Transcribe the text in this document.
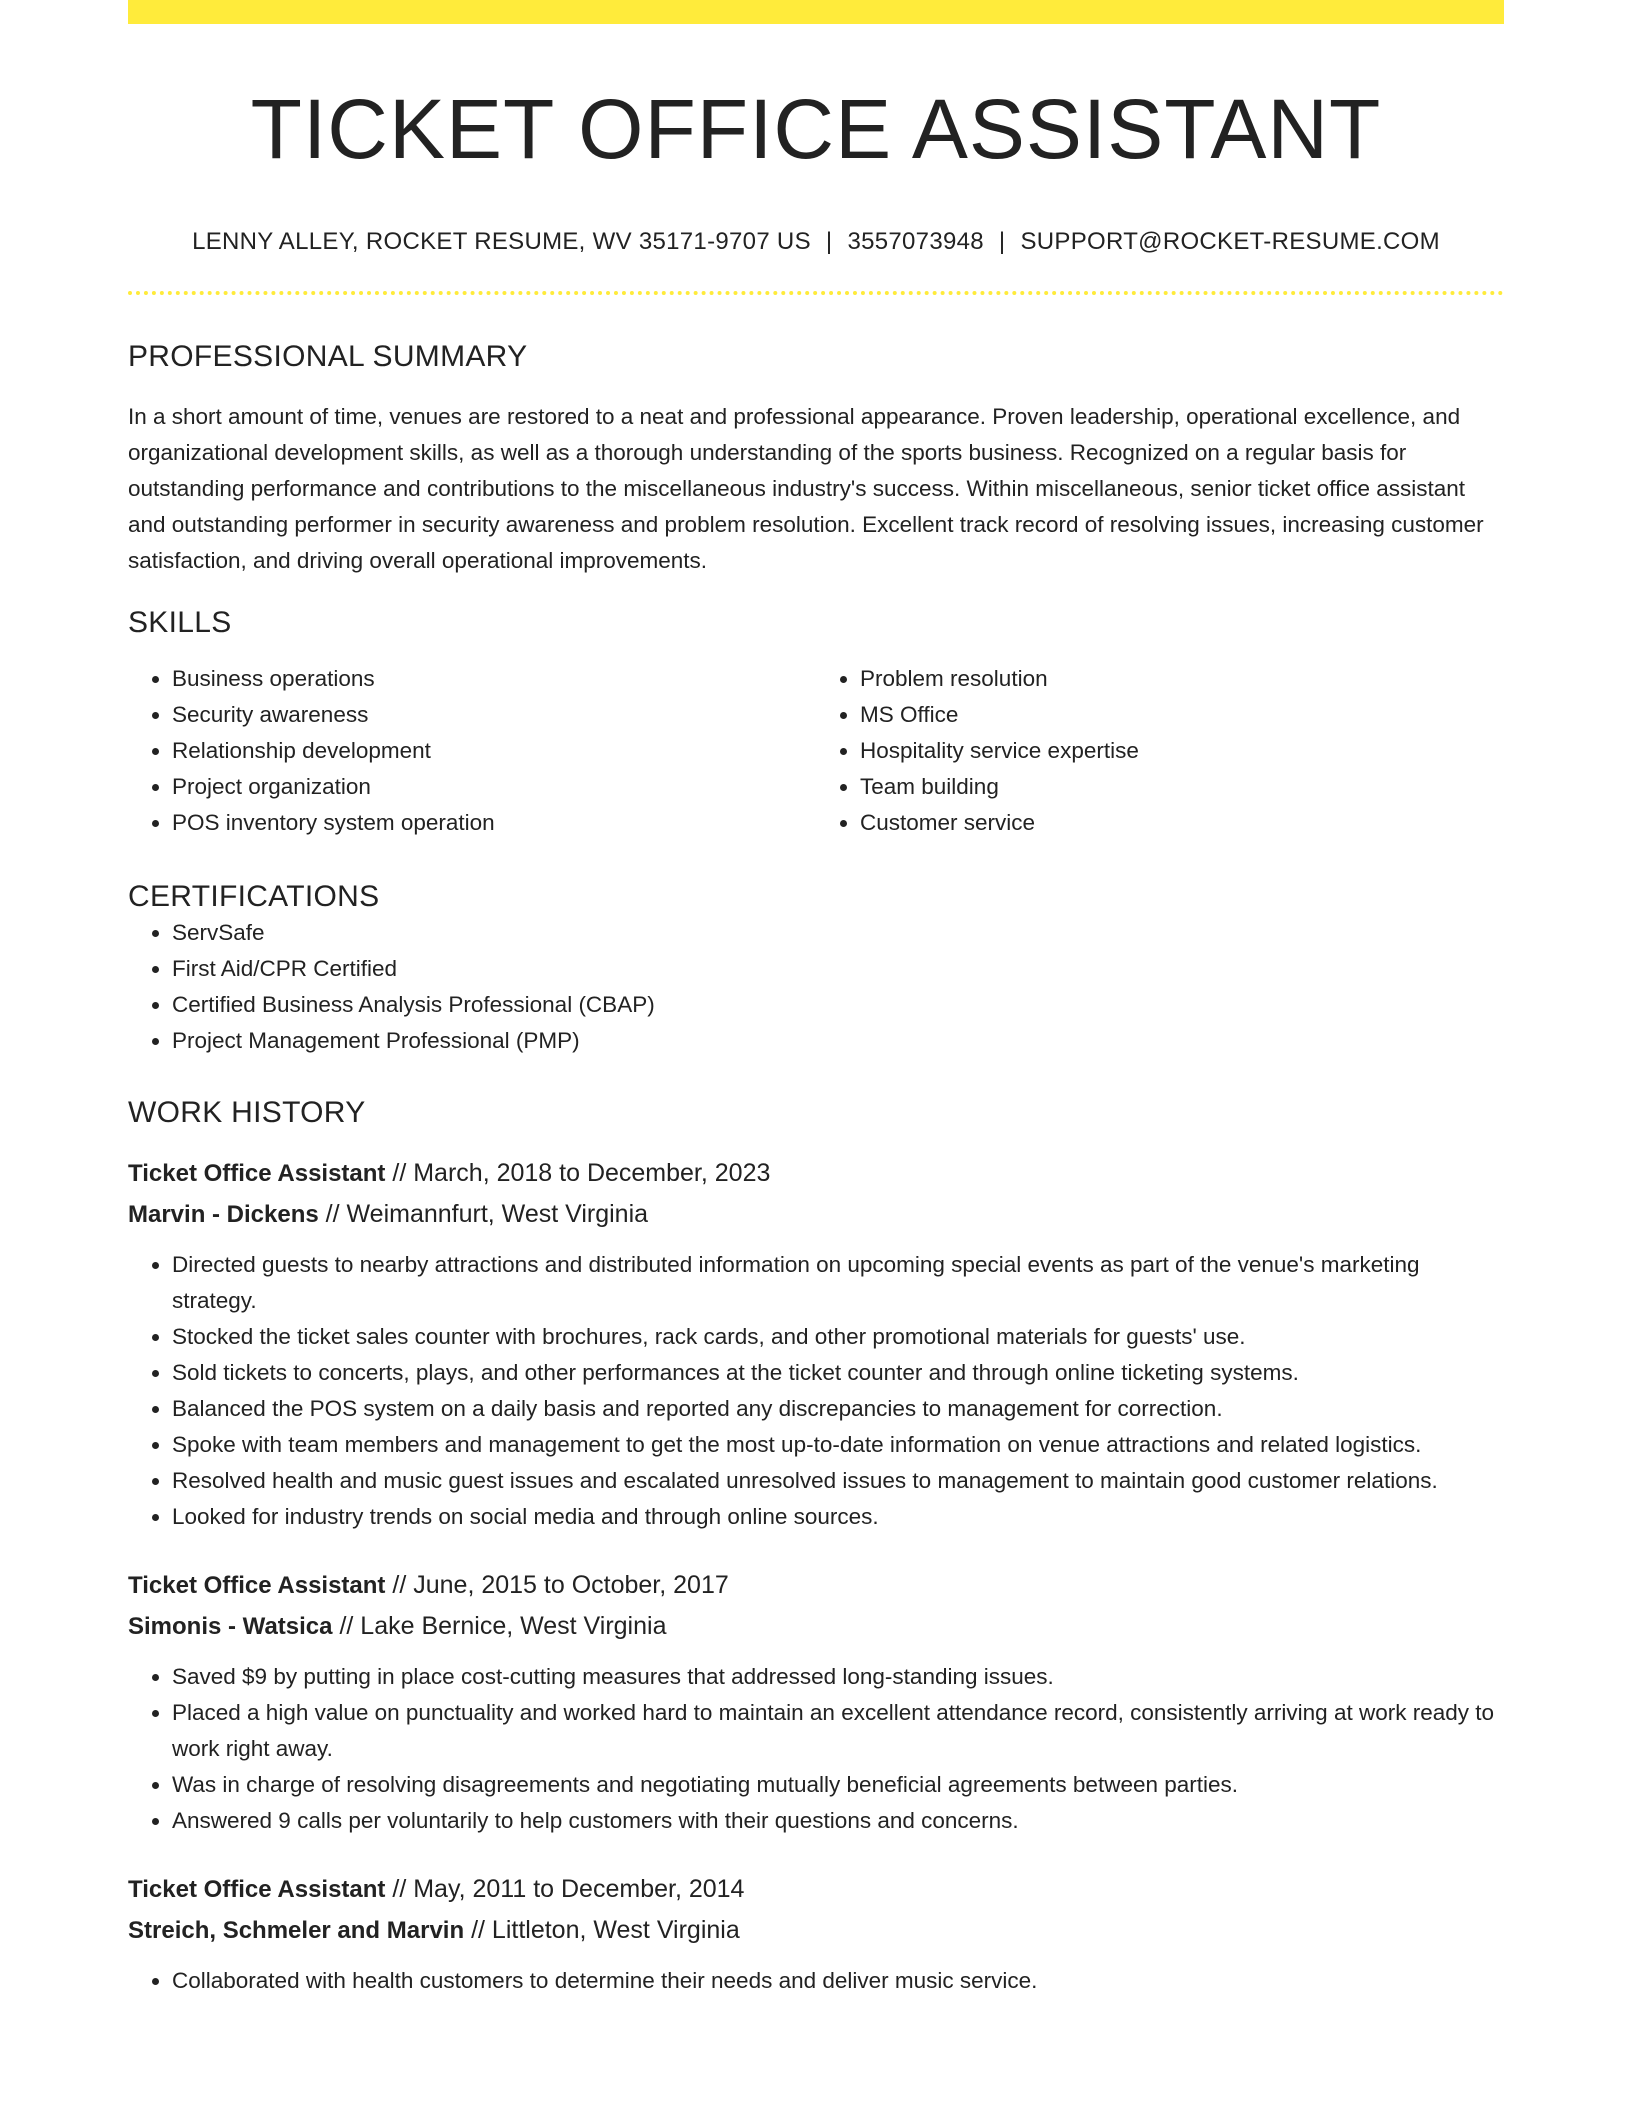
TICKET OFFICE ASSISTANT
LENNY ALLEY, ROCKET RESUME, WV 35171-9707 US | 3557073948 | SUPPORT@ROCKET-RESUME.COM
PROFESSIONAL SUMMARY

In a short amount of time, venues are restored to a neat and professional appearance. Proven leadership, operational excellence, and organizational development skills, as well as a thorough understanding of the sports business. Recognized on a regular basis for outstanding performance and contributions to the miscellaneous industry's success. Within miscellaneous, senior ticket office assistant and outstanding performer in security awareness and problem resolution. Excellent track record of resolving issues, increasing customer satisfaction, and driving overall operational improvements.

SKILLS
• Business operations
• Security awareness
• Relationship development
• Project organization
• POS inventory system operation
• Problem resolution
• MS Office
• Hospitality service expertise
• Team building
• Customer service
CERTIFICATIONS
• ServSafe
• First Aid/CPR Certified
• Certified Business Analysis Professional (CBAP)
• Project Management Professional (PMP)
WORK HISTORY
Ticket Office Assistant // March, 2018 to December, 2023
Marvin - Dickens // Weimannfurt, West Virginia
• Directed guests to nearby attractions and distributed information on upcoming special events as part of the venue's marketing strategy.
• Stocked the ticket sales counter with brochures, rack cards, and other promotional materials for guests' use.
• Sold tickets to concerts, plays, and other performances at the ticket counter and through online ticketing systems.
• Balanced the POS system on a daily basis and reported any discrepancies to management for correction.
• Spoke with team members and management to get the most up-to-date information on venue attractions and related logistics.
• Resolved health and music guest issues and escalated unresolved issues to management to maintain good customer relations.
• Looked for industry trends on social media and through online sources.
Ticket Office Assistant // June, 2015 to October, 2017
Simonis - Watsica // Lake Bernice, West Virginia
• Saved $9 by putting in place cost-cutting measures that addressed long-standing issues.
• Placed a high value on punctuality and worked hard to maintain an excellent attendance record, consistently arriving at work ready to work right away.
• Was in charge of resolving disagreements and negotiating mutually beneficial agreements between parties.
• Answered 9 calls per voluntarily to help customers with their questions and concerns.
Ticket Office Assistant // May, 2011 to December, 2014
Streich, Schmeler and Marvin // Littleton, West Virginia
• Collaborated with health customers to determine their needs and deliver music service.
